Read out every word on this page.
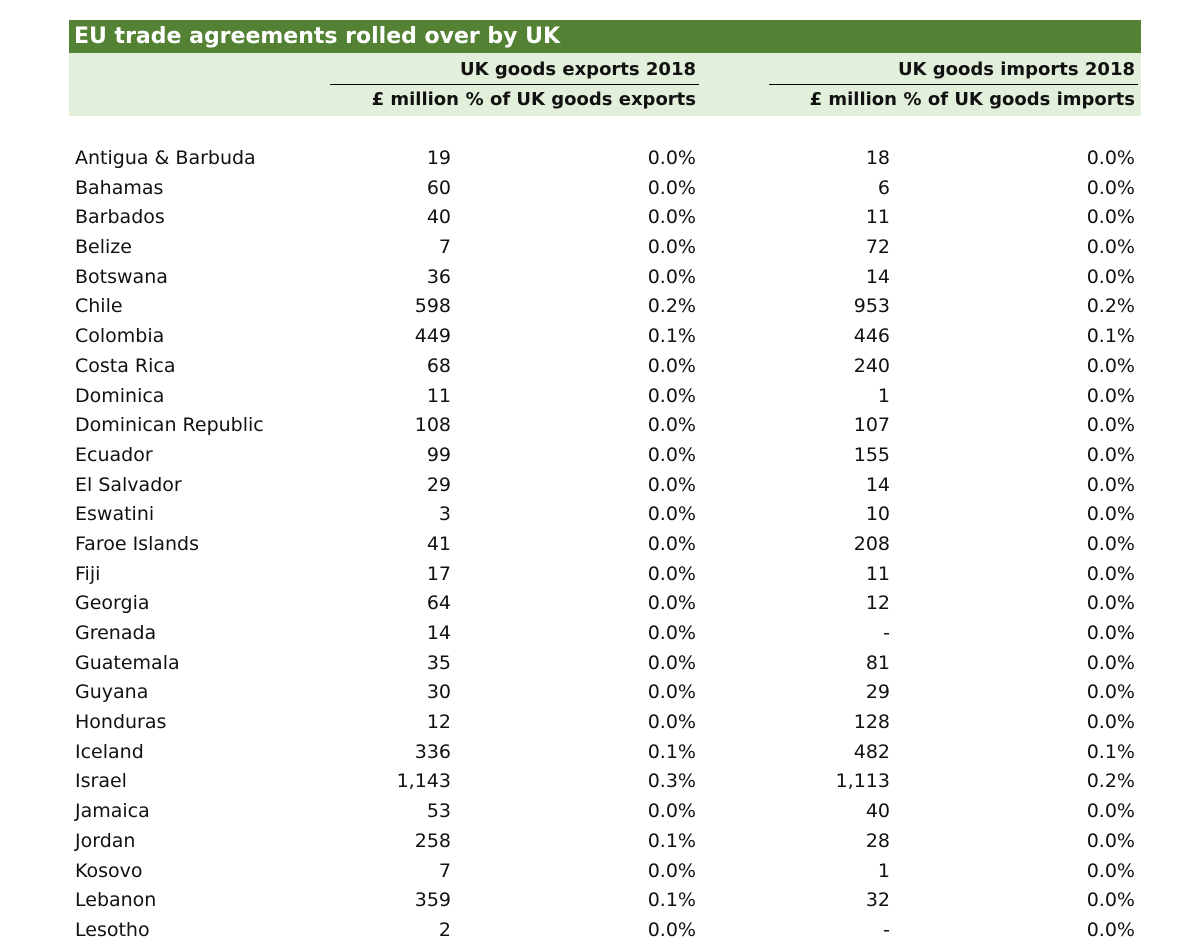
EU trade agreements rolled over by UK
UK goods exports 2018	UK goods imports 2018
£ million % of UK goods exports	£ million % of UK goods imports
Antigua & Barbuda	19	0.0%	18	0.0%
Bahamas	60	0.0%	6	0.0%
Barbados	40	0.0%	11	0.0%
Belize	7	0.0%	72	0.0%
Botswana	36	0.0%	14	0.0%
Chile	598	0.2%	953	0.2%
Colombia	449	0.1%	446	0.1%
Costa Rica	68	0.0%	240	0.0%
Dominica	11	0.0%	1	0.0%
Dominican Republic	108	0.0%	107	0.0%
Ecuador	99	0.0%	155	0.0%
El Salvador	29	0.0%	14	0.0%
Eswatini	3	0.0%	10	0.0%
Faroe Islands	41	0.0%	208	0.0%
Fiji	17	0.0%	11	0.0%
Georgia	64	0.0%	12	0.0%
Grenada	14	0.0%	-	0.0%
Guatemala	35	0.0%	81	0.0%
Guyana	30	0.0%	29	0.0%
Honduras	12	0.0%	128	0.0%
Iceland	336	0.1%	482	0.1%
Israel	1,143	0.3%	1,113	0.2%
Jamaica	53	0.0%	40	0.0%
Jordan	258	0.1%	28	0.0%
Kosovo	7	0.0%	1	0.0%
Lebanon	359	0.1%	32	0.0%
Lesotho	2	0.0%	-	0.0%
